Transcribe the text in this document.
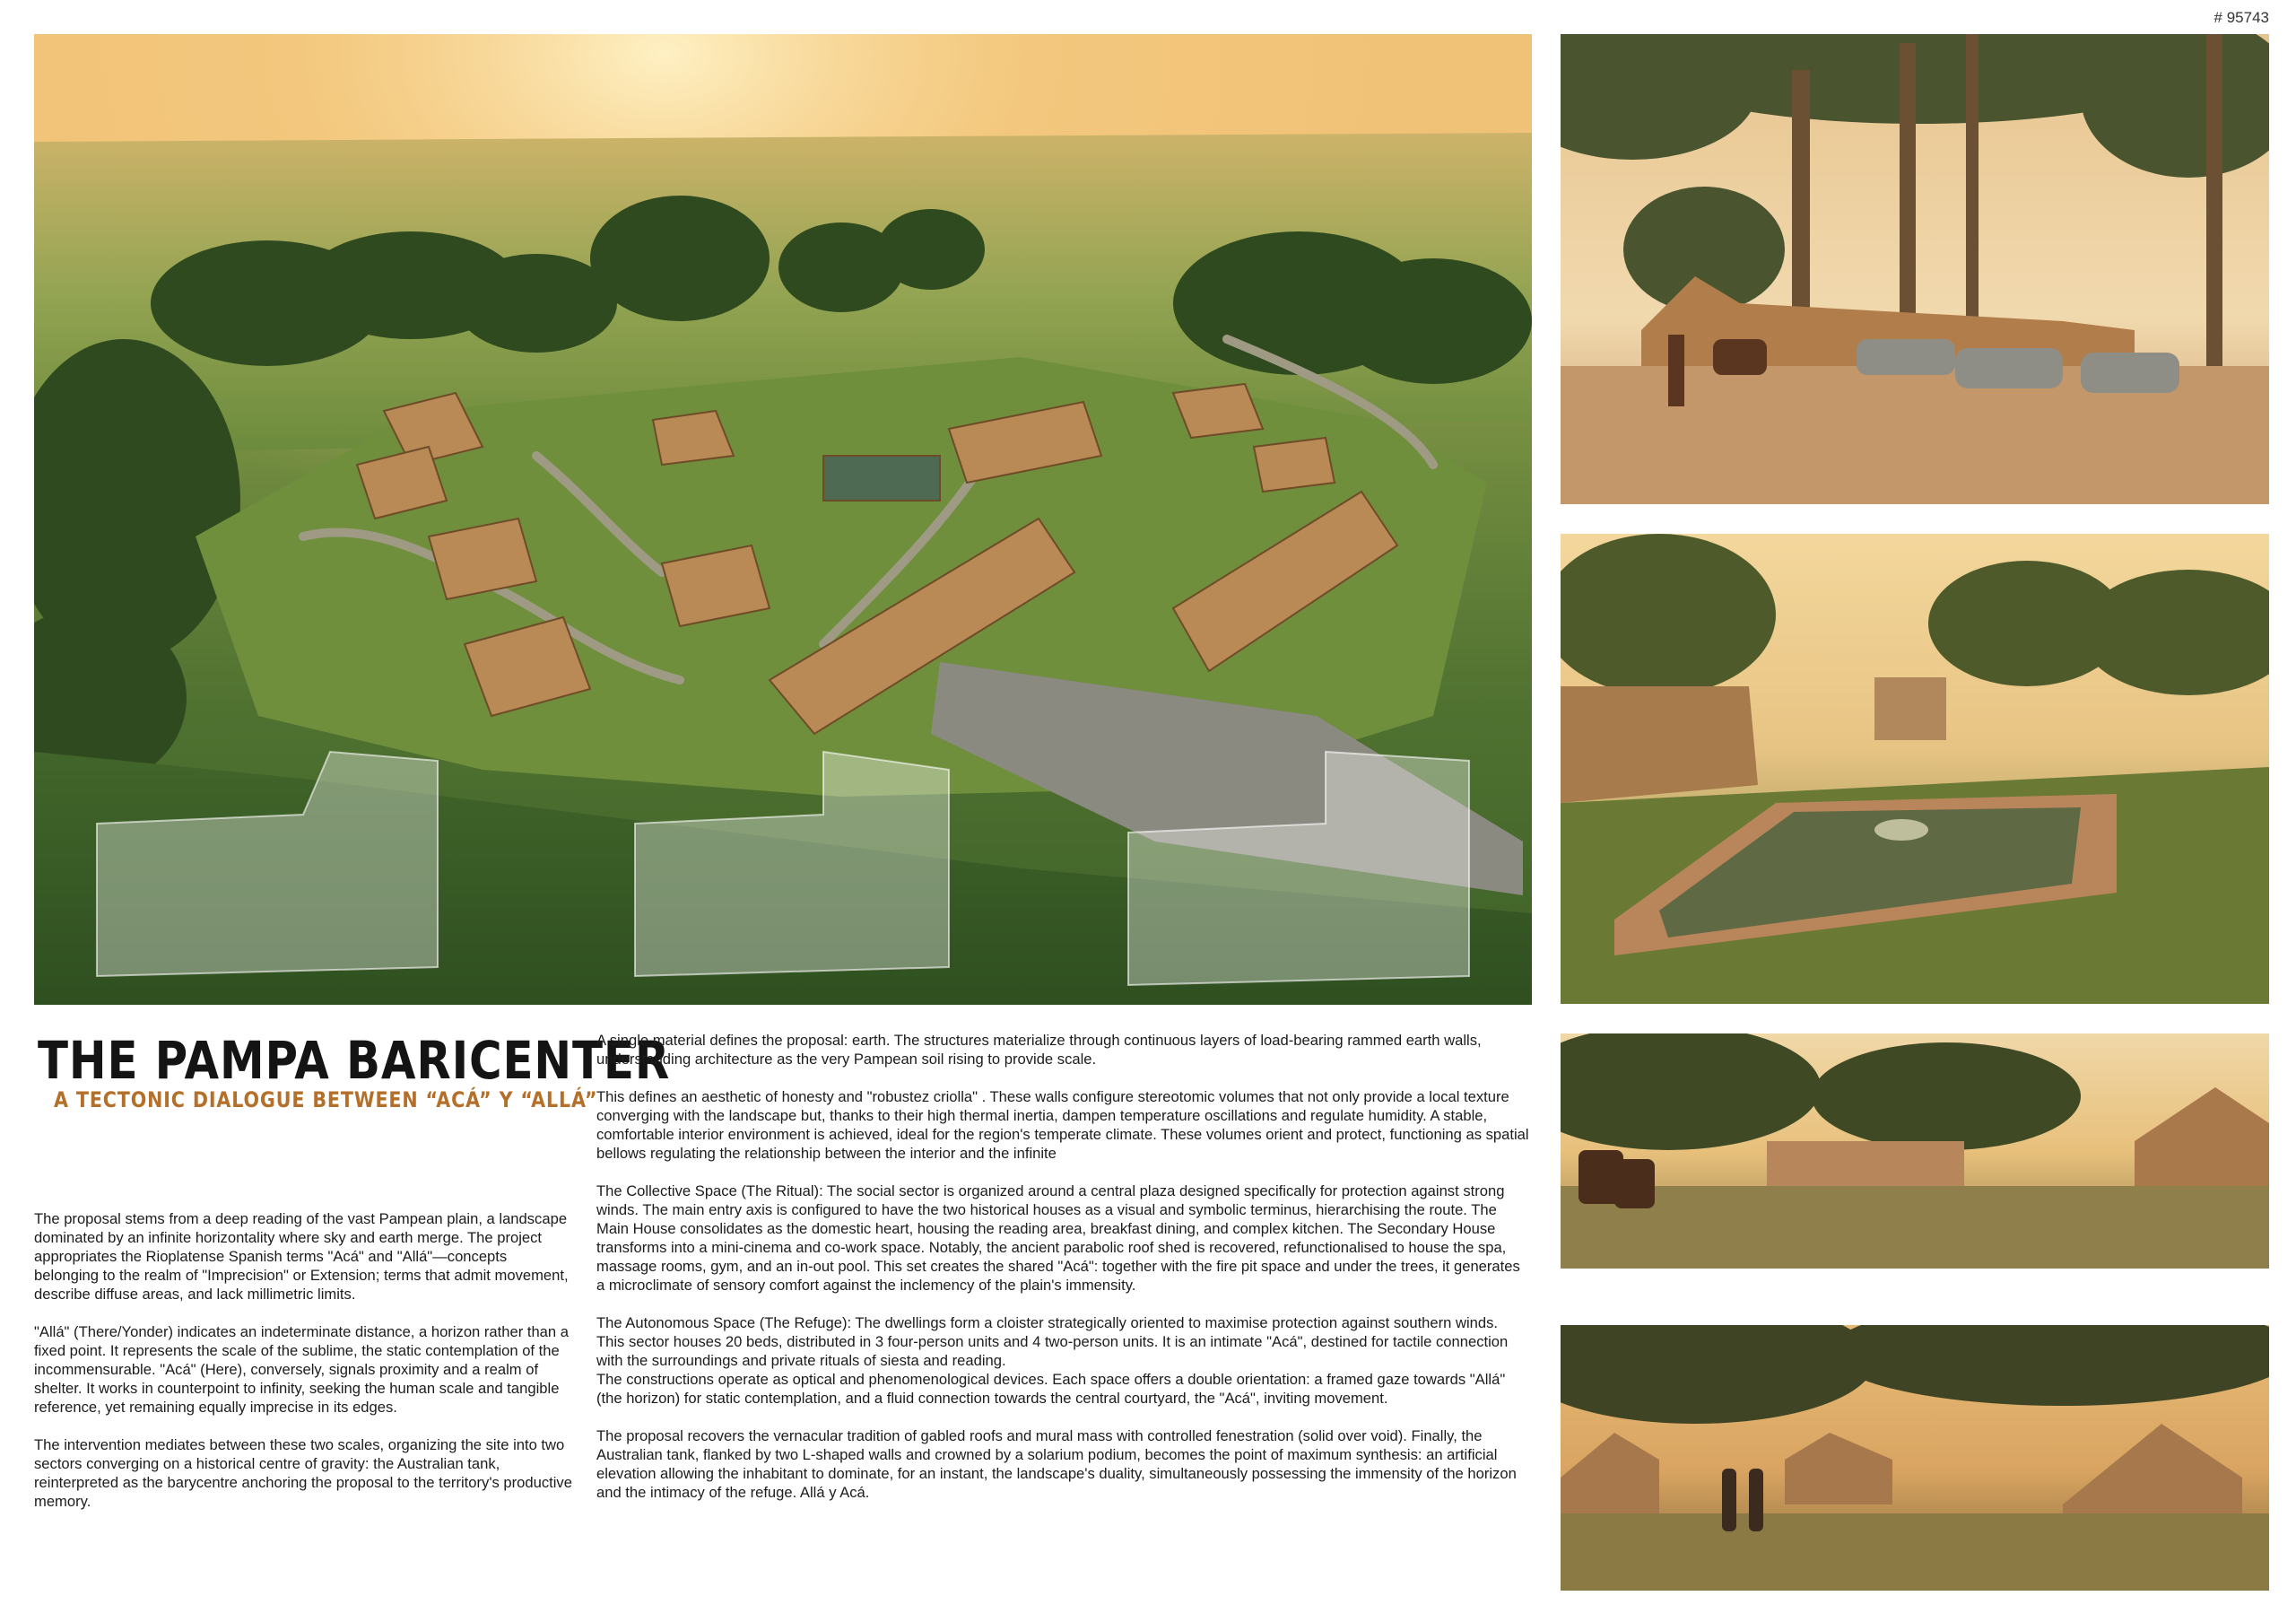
# 95743
THE PAMPA BARICENTER
A TECTONIC DIALOGUE BETWEEN “ACÁ” Y “ALLÁ”

The proposal stems from a deep reading of the vast Pampean plain, a landscape dominated by an infinite horizontality where sky and earth merge. The project appropriates the Rioplatense Spanish terms "Acá" and "Allá"—concepts belonging to the realm of "Imprecision" or Extension; terms that admit movement, describe diffuse areas, and lack millimetric limits.

"Allá" (There/Yonder) indicates an indeterminate distance, a horizon rather than a fixed point. It represents the scale of the sublime, the static contemplation of the incommensurable. "Acá" (Here), conversely, signals proximity and a realm of shelter. It works in counterpoint to infinity, seeking the human scale and tangible reference, yet remaining equally imprecise in its edges.

The intervention mediates between these two scales, organizing the site into two sectors converging on a historical centre of gravity: the Australian tank, reinterpreted as the barycentre anchoring the proposal to the territory's productive memory.

A single material defines the proposal: earth. The structures materialize through continuous layers of load-bearing rammed earth walls, understanding architecture as the very Pampean soil rising to provide scale.

This defines an aesthetic of honesty and "robustez criolla" . These walls configure stereotomic volumes that not only provide a local texture converging with the landscape but, thanks to their high thermal inertia, dampen temperature oscillations and regulate humidity. A stable, comfortable interior environment is achieved, ideal for the region's temperate climate. These volumes orient and protect, functioning as spatial bellows regulating the relationship between the interior and the infinite

The Collective Space (The Ritual): The social sector is organized around a central plaza designed specifically for protection against strong winds. The main entry axis is configured to have the two historical houses as a visual and symbolic terminus, hierarchising the route. The Main House consolidates as the domestic heart, housing the reading area, breakfast dining, and complex kitchen. The Secondary House transforms into a mini-cinema and co-work space. Notably, the ancient parabolic roof shed is recovered, refunctionalised to house the spa, massage rooms, gym, and an in-out pool. This set creates the shared "Acá": together with the fire pit space and under the trees, it generates a microclimate of sensory comfort against the inclemency of the plain's immensity.

The Autonomous Space (The Refuge): The dwellings form a cloister strategically oriented to maximise protection against southern winds. This sector houses 20 beds, distributed in 3 four-person units and 4 two-person units. It is an intimate "Acá", destined for tactile connection with the surroundings and private rituals of siesta and reading.
The constructions operate as optical and phenomenological devices. Each space offers a double orientation: a framed gaze towards "Allá" (the horizon) for static contemplation, and a fluid connection towards the central courtyard, the "Acá", inviting movement.

The proposal recovers the vernacular tradition of gabled roofs and mural mass with controlled fenestration (solid over void). Finally, the Australian tank, flanked by two L-shaped walls and crowned by a solarium podium, becomes the point of maximum synthesis: an artificial elevation allowing the inhabitant to dominate, for an instant, the landscape's duality, simultaneously possessing the immensity of the horizon and the intimacy of the refuge. Allá y Acá.
